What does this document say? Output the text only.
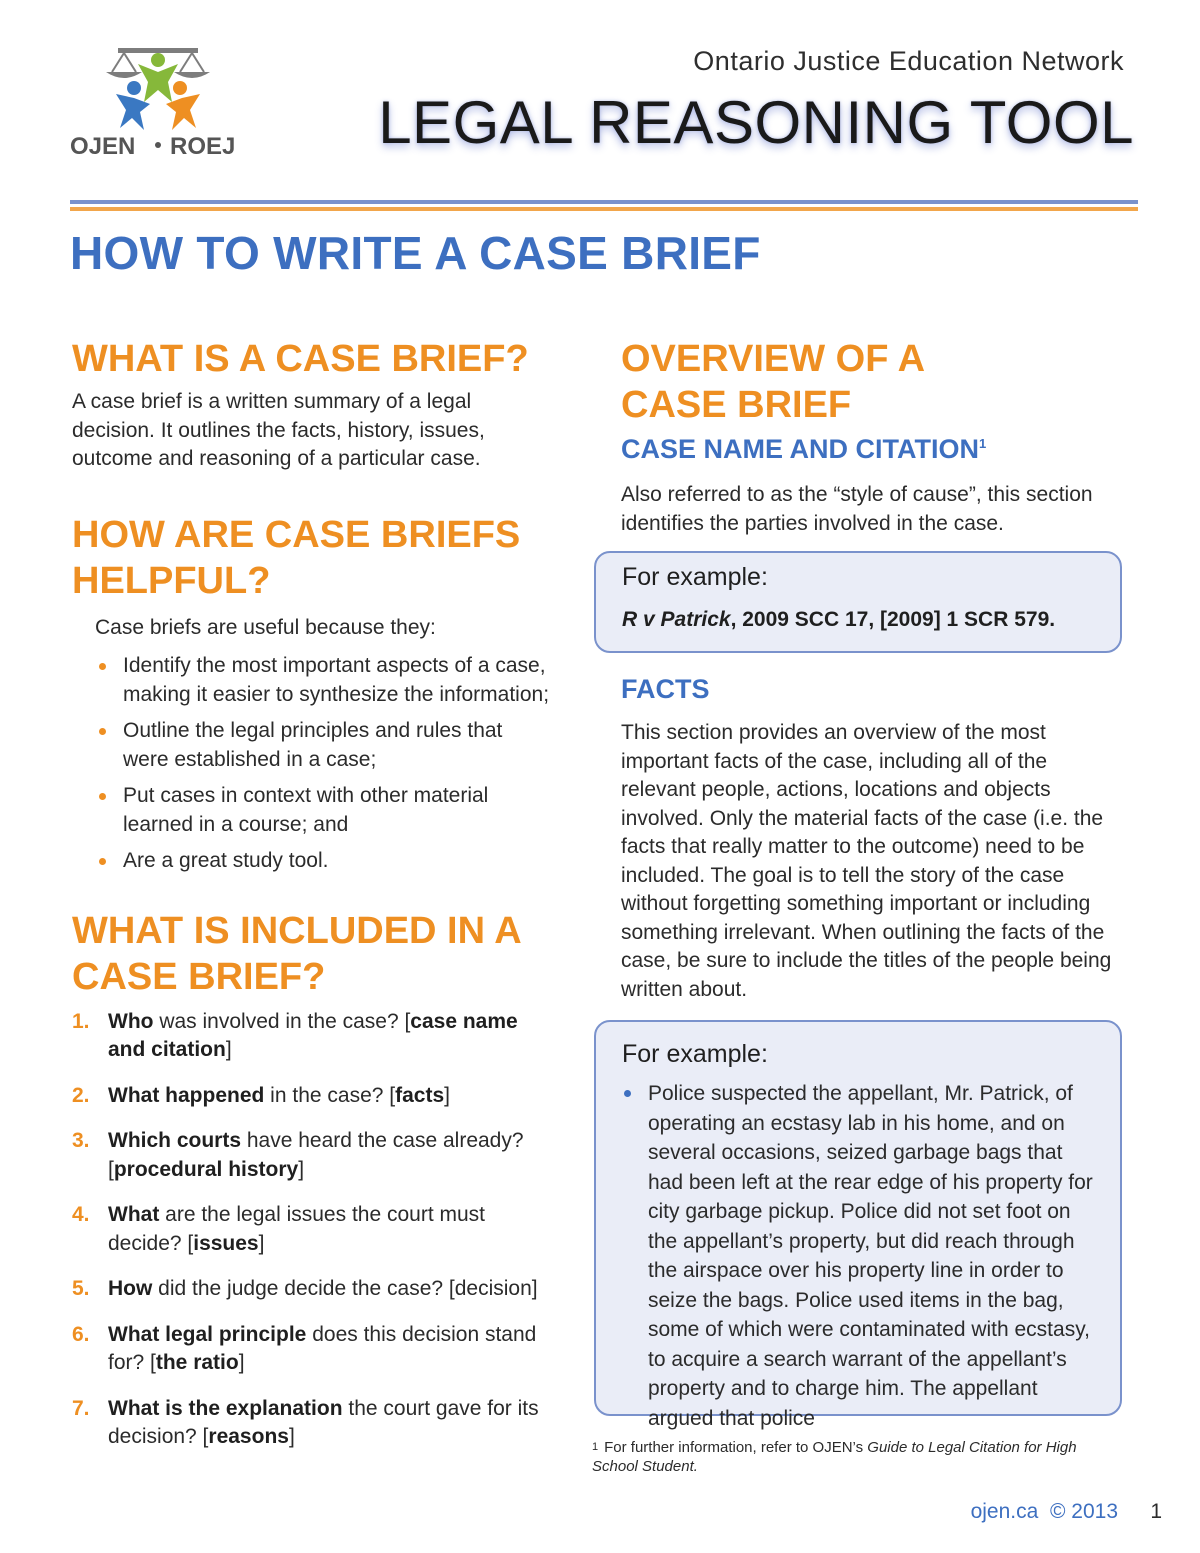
OJEN ROEJ
Ontario Justice Education Network
LEGAL REASONING TOOL
HOW TO WRITE A CASE BRIEF
WHAT IS A CASE BRIEF?

A case brief is a written summary of a legal decision. It outlines the facts, history, issues, outcome and reasoning of a particular case.

HOW ARE CASE BRIEFS
HELPFUL?

Case briefs are useful because they:

Identify the most important aspects of a case, making it easier to synthesize the information;
Outline the legal principles and rules that were established in a case;
Put cases in context with other material learned in a course; and
Are a great study tool.
WHAT IS INCLUDED IN A
CASE BRIEF?
1. Who was involved in the case? [case name and citation]
2. What happened in the case? [facts]
3. Which courts have heard the case already? [procedural history]
4. What are the legal issues the court must decide? [issues]
5. How did the judge decide the case? [decision]
6. What legal principle does this decision stand for? [the ratio]
7. What is the explanation the court gave for its decision? [reasons]
OVERVIEW OF A
CASE BRIEF
CASE NAME AND CITATION$^1$

Also referred to as the “style of cause”, this section identifies the parties involved in the case.

For example:

R v Patrick, 2009 SCC 17, [2009] 1 SCR 579.

FACTS

This section provides an overview of the most important facts of the case, including all of the relevant people, actions, locations and objects involved. Only the material facts of the case (i.e. the facts that really matter to the outcome) need to be included. The goal is to tell the story of the case without forgetting something important or including something irrelevant. When outlining the facts of the case, be sure to include the titles of the people being written about.

For example:

Police suspected the appellant, Mr. Patrick, of operating an ecstasy lab in his home, and on several occasions, seized garbage bags that had been left at the rear edge of his property for city garbage pickup. Police did not set foot on the appellant’s property, but did reach through the airspace over his property line in order to seize the bags. Police used items in the bag, some of which were contaminated with ecstasy, to acquire a search warrant of the appellant’s property and to charge him. The appellant argued that police
$^1$ For further information, refer to OJEN’s Guide to Legal Citation for High School Student.
ojen.ca © 2013 1
